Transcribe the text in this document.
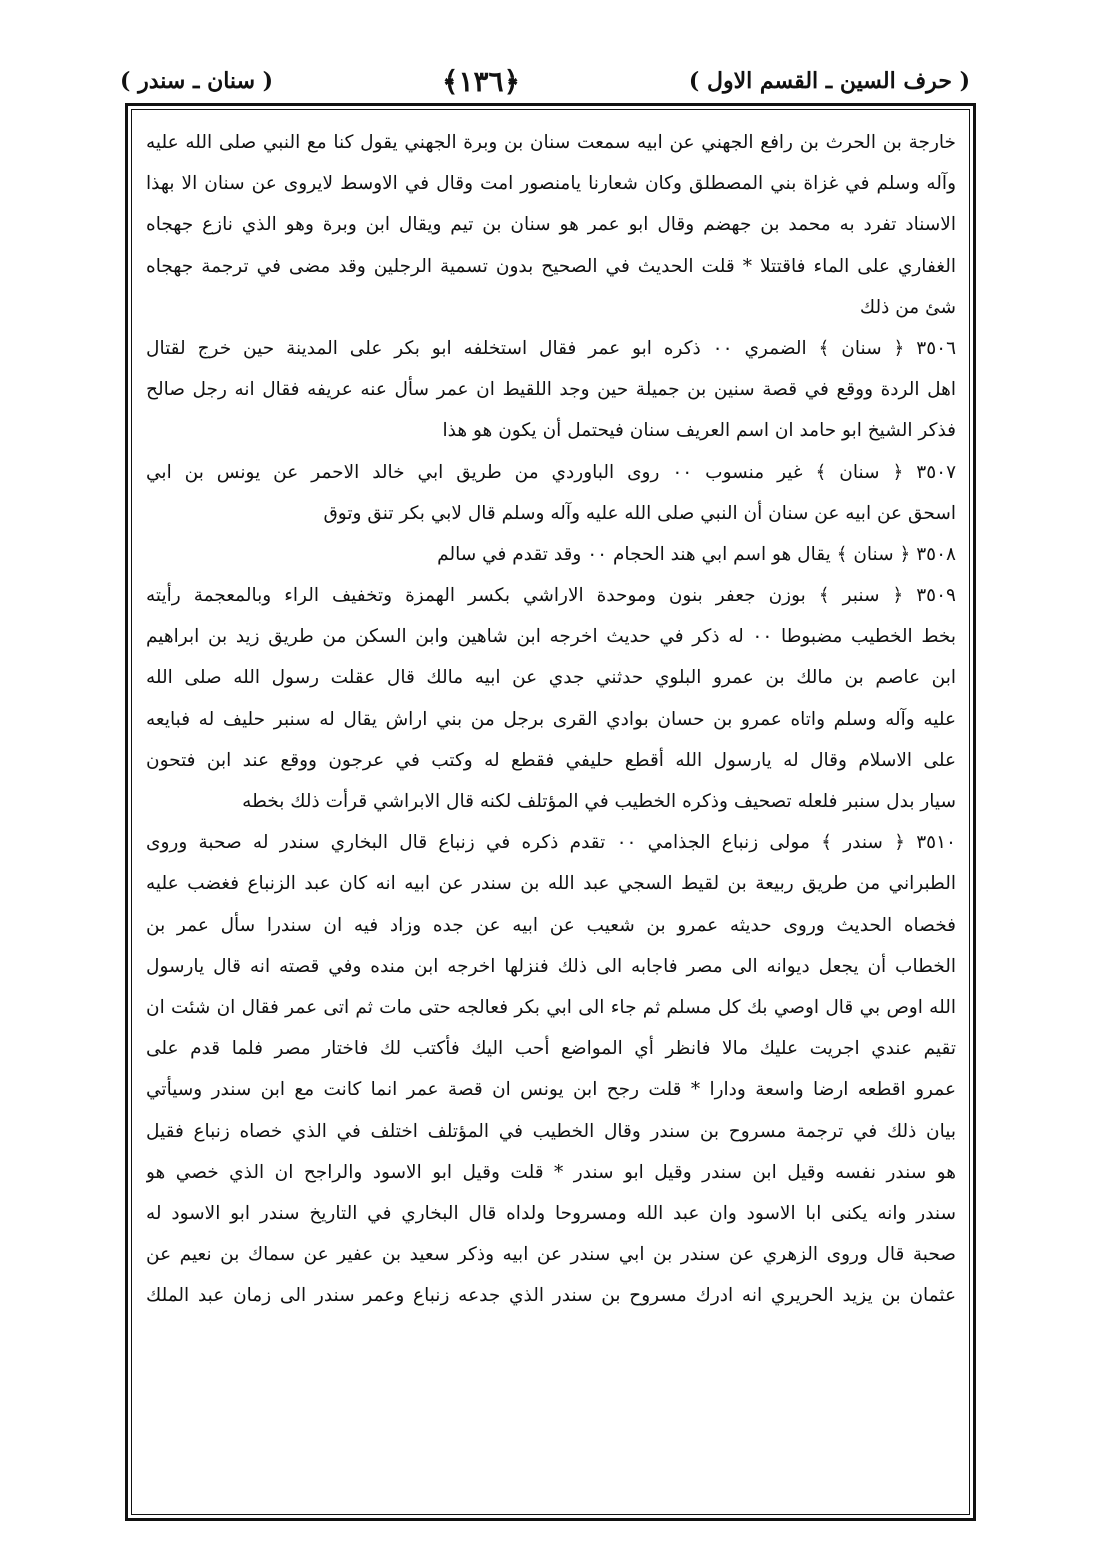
( حرف السين ـ القسم الاول )
﴿١٣٦﴾
( سنان ـ سندر )
خارجة بن الحرث بن رافع الجهني عن ابيه سمعت سنان بن وبرة الجهني يقول كنا مع النبي صلى الله عليه
وآله وسلم في غزاة بني المصطلق وكان شعارنا يامنصور امت وقال في الاوسط لايروى عن سنان الا بهذا
الاسناد تفرد به محمد بن جهضم وقال ابو عمر هو سنان بن تيم ويقال ابن وبرة وهو الذي نازع جهجاه
الغفاري على الماء فاقتتلا * قلت الحديث في الصحيح بدون تسمية الرجلين وقد مضى في ترجمة جهجاه
شئ من ذلك
٣٥٠٦ ﴿ سنان ﴾ الضمري ٠٠ ذكره ابو عمر فقال استخلفه ابو بكر على المدينة حين خرج لقتال
اهل الردة ووقع في قصة سنين بن جميلة حين وجد اللقيط ان عمر سأل عنه عريفه فقال انه رجل صالح
فذكر الشيخ ابو حامد ان اسم العريف سنان فيحتمل أن يكون هو هذا
٣٥٠٧ ﴿ سنان ﴾ غير منسوب ٠٠ روى الباوردي من طريق ابي خالد الاحمر عن يونس بن ابي
اسحق عن ابيه عن سنان أن النبي صلى الله عليه وآله وسلم قال لابي بكر تنق وتوق
٣٥٠٨ ﴿ سنان ﴾ يقال هو اسم ابي هند الحجام ٠٠ وقد تقدم في سالم
٣٥٠٩ ﴿ سنبر ﴾ بوزن جعفر بنون وموحدة الاراشي بكسر الهمزة وتخفيف الراء وبالمعجمة رأيته
بخط الخطيب مضبوطا ٠٠ له ذكر في حديث اخرجه ابن شاهين وابن السكن من طريق زيد بن ابراهيم
ابن عاصم بن مالك بن عمرو البلوي حدثني جدي عن ابيه مالك قال عقلت رسول الله صلى الله
عليه وآله وسلم واتاه عمرو بن حسان بوادي القرى برجل من بني اراش يقال له سنبر حليف له فبايعه
على الاسلام وقال له يارسول الله أقطع حليفي فقطع له وكتب في عرجون ووقع عند ابن فتحون
سيار بدل سنبر فلعله تصحيف وذكره الخطيب في المؤتلف لكنه قال الابراشي قرأت ذلك بخطه
٣٥١٠ ﴿ سندر ﴾ مولى زنباع الجذامي ٠٠ تقدم ذكره في زنباع قال البخاري سندر له صحبة وروى
الطبراني من طريق ربيعة بن لقيط السجي عبد الله بن سندر عن ابيه انه كان عبد الزنباع فغضب عليه
فخصاه الحديث وروى حديثه عمرو بن شعيب عن ابيه عن جده وزاد فيه ان سندرا سأل عمر بن
الخطاب أن يجعل ديوانه الى مصر فاجابه الى ذلك فنزلها اخرجه ابن منده وفي قصته انه قال يارسول
الله اوص بي قال اوصي بك كل مسلم ثم جاء الى ابي بكر فعالجه حتى مات ثم اتى عمر فقال ان شئت ان
تقيم عندي اجريت عليك مالا فانظر أي المواضع أحب اليك فأكتب لك فاختار مصر فلما قدم على
عمرو اقطعه ارضا واسعة ودارا * قلت رجح ابن يونس ان قصة عمر انما كانت مع ابن سندر وسيأتي
بيان ذلك في ترجمة مسروح بن سندر وقال الخطيب في المؤتلف اختلف في الذي خصاه زنباع فقيل
هو سندر نفسه وقيل ابن سندر وقيل ابو سندر * قلت وقيل ابو الاسود والراجح ان الذي خصي هو
سندر وانه يكنى ابا الاسود وان عبد الله ومسروحا ولداه قال البخاري في التاريخ سندر ابو الاسود له
صحبة قال وروى الزهري عن سندر بن ابي سندر عن ابيه وذكر سعيد بن عفير عن سماك بن نعيم عن
عثمان بن يزيد الحريري انه ادرك مسروح بن سندر الذي جدعه زنباع وعمر سندر الى زمان عبد الملك
